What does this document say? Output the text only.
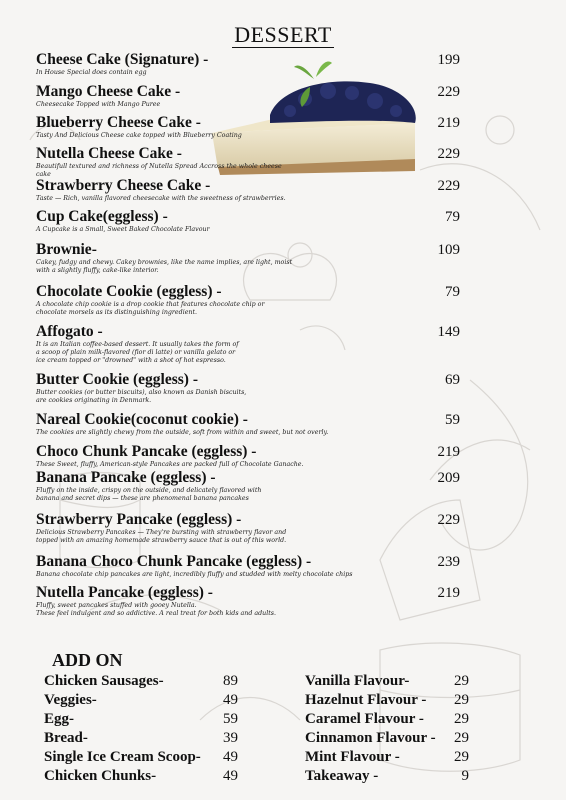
DESSERT
Cheese Cake (Signature) -	199
In House Special does contain egg
Mango Cheese Cake -	229
Cheesecake Topped with Mango Puree
Blueberry Cheese Cake -	219
Tasty And Delicious Cheese cake topped with Blueberry Coating
Nutella Cheese Cake -	229
Beautifull textured and richness of Nutella Spread Accross the whole cheese cake
Strawberry Cheese Cake -	229
Taste — Rich, vanilla flavored cheesecake with the sweetness of strawberries.
Cup Cake(eggless) -	79
A Cupcake is a Small, Sweet Baked Chocolate Flavour
Brownie-	109
Cakey, fudgy and chewy. Cakey brownies, like the name implies, are light, moist
with a slightly fluffy, cake-like interior.
Chocolate Cookie (eggless) -	79
A chocolate chip cookie is a drop cookie that features chocolate chip or
chocolate morsels as its distinguishing ingredient.
Affogato -	149
It is an Italian coffee-based dessert. It usually takes the form of
a scoop of plain milk-flavored (fior di latte) or vanilla gelato or
ice cream topped or "drowned" with a shot of hot espresso.
Butter Cookie (eggless) -	69
Butter cookies (or butter biscuits), also known as Danish biscuits,
are cookies originating in Denmark.
Nareal Cookie(coconut cookie) -	59
The cookies are slightly chewy from the outside, soft from within and sweet, but not overly.
Choco Chunk Pancake (eggless) -	219
These Sweet, fluffy, American-style Pancakes are packed full of Chocolate Ganache.
Banana Pancake (eggless) -	209
Fluffy on the inside, crispy on the outside, and delicately flavored with
banana and secret dips — these are phenomenal banana pancakes
Strawberry Pancake (eggless) -	229
Delicious Strawberry Pancakes — They're bursting with strawberry flavor and
topped with an amazing homemade strawberry sauce that is out of this world.
Banana Choco Chunk Pancake (eggless) -	239
Banana chocolate chip pancakes are light, incredibly fluffy and studded with melty chocolate chips
Nutella Pancake (eggless) -	219
Fluffy, sweet pancakes stuffed with gooey Nutella.
These feel indulgent and so addictive. A real treat for both kids and adults.
ADD ON
Chicken Sausages-	89
Veggies-	49
Egg-	59
Bread-	39
Single Ice Cream Scoop- 49
Chicken Chunks-	49
Vanilla Flavour-	29
Hazelnut Flavour - 29
Caramel Flavour - 29
Cinnamon Flavour - 29
Mint Flavour -	29
Takeaway -	9
